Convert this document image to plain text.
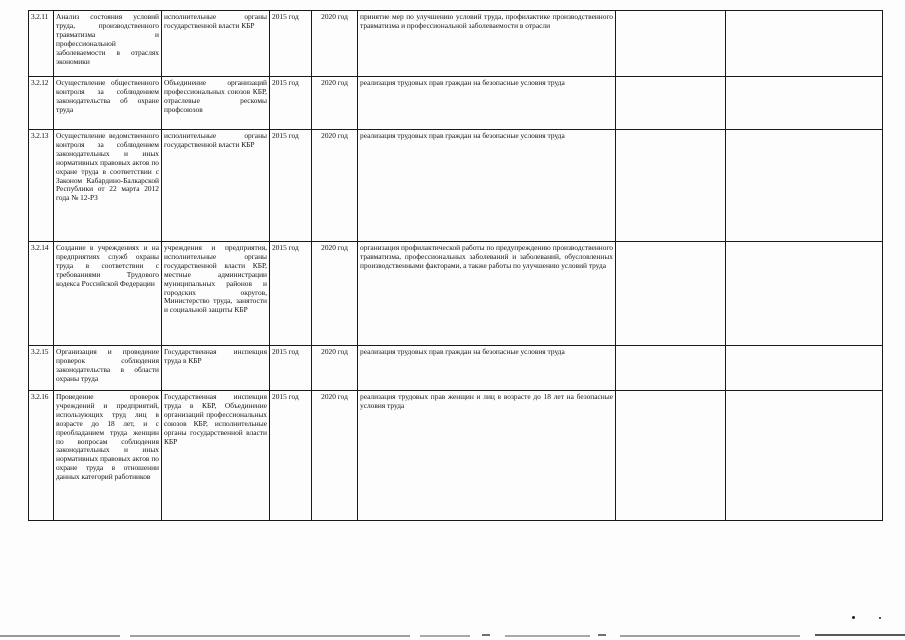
3.2.11	Анализ состояния условий труда, производственного травматизма и профессиональной заболеваемости в отраслях экономики	исполнительные органы государственной власти КБР	2015 год	2020 год	принятие мер по улучшению условий труда, профилактике производственного травматизма и профессиональной заболеваемости в отрасли		
3.2.12	Осуществление общественного контроля за соблюдением законодательства об охране труда	Объединение организаций профессиональных союзов КБР, отраслевые рескомы профсоюзов	2015 год	2020 год	реализация трудовых прав граждан на безопасные условия труда		
3.2.13	Осуществление ведомственного контроля за соблюдением законодательных и иных нормативных правовых актов по охране труда в соответствии с Законом Кабардино-Балкарской Республики от 22 марта 2012 года № 12-РЗ	исполнительные органы государственной власти КБР	2015 год	2020 год	реализация трудовых прав граждан на безопасные условия труда		
3.2.14	Создание в учреждениях и на предприятиях служб охраны труда в соответствии с требованиями Трудового кодекса Российской Федерации	учреждения и предприятия, исполнительные органы государственной власти КБР, местные администрации муниципальных районов и городских округов, Министерство труда, занятости и социальной защиты КБР	2015 год	2020 год	организация профилактической работы по предупреждению производственного травматизма, профессиональных заболеваний и заболеваний, обусловленных производственными факторами, а также работы по улучшению условий труда		
3.2.15	Организация и проведение проверок соблюдения законодательства в области охраны труда	Государственная инспекция труда в КБР	2015 год	2020 год	реализация трудовых прав граждан на безопасные условия труда		
3.2.16	Проведение проверок учреждений и предприятий, использующих труд лиц в возрасте до 18 лет, и с преобладанием труда женщин по вопросам соблюдения законодательных и иных нормативных правовых актов по охране труда в отношении данных категорий работников	Государственная инспекция труда в КБР, Объединение организаций профессиональных союзов КБР, исполнительные органы государственной власти КБР	2015 год	2020 год	реализация трудовых прав женщин и лиц в возрасте до 18 лет на безопасные условия труда		
